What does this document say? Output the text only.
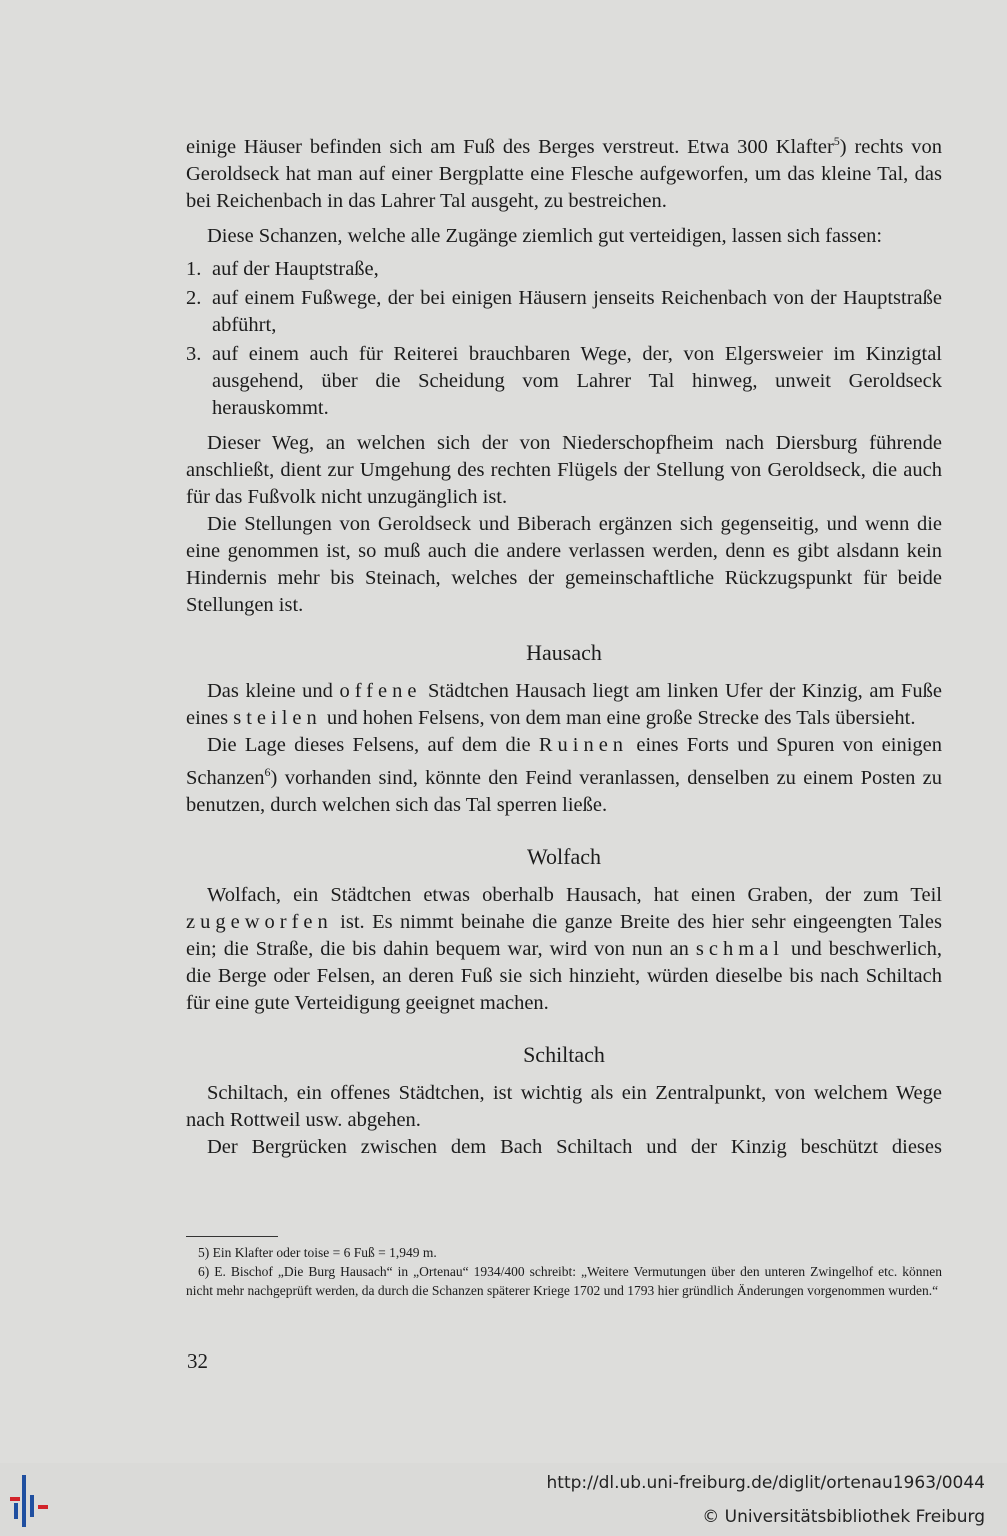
einige Häuser befinden sich am Fuß des Berges verstreut. Etwa 300 Klafter$^5$) rechts von Geroldseck hat man auf einer Bergplatte eine Flesche aufgeworfen, um das kleine Tal, das bei Reichenbach in das Lahrer Tal ausgeht, zu bestreichen.

Diese Schanzen, welche alle Zugänge ziemlich gut verteidigen, lassen sich fassen:

1. auf der Hauptstraße,
2. auf einem Fußwege, der bei einigen Häusern jenseits Reichenbach von der Hauptstraße abführt,
3. auf einem auch für Reiterei brauchbaren Wege, der, von Elgersweier im Kinzigtal ausgehend, über die Scheidung vom Lahrer Tal hinweg, unweit Geroldseck herauskommt.

Dieser Weg, an welchen sich der von Niederschopfheim nach Diersburg führende anschließt, dient zur Umgehung des rechten Flügels der Stellung von Geroldseck, die auch für das Fußvolk nicht unzugänglich ist.

Die Stellungen von Geroldseck und Biberach ergänzen sich gegenseitig, und wenn die eine genommen ist, so muß auch die andere verlassen werden, denn es gibt alsdann kein Hindernis mehr bis Steinach, welches der gemeinschaftliche Rückzugspunkt für beide Stellungen ist.

Hausach

Das kleine und offene Städtchen Hausach liegt am linken Ufer der Kinzig, am Fuße eines steilen und hohen Felsens, von dem man eine große Strecke des Tals übersieht.

Die Lage dieses Felsens, auf dem die Ruinen eines Forts und Spuren von einigen Schanzen$^6$) vorhanden sind, könnte den Feind veranlassen, denselben zu einem Posten zu benutzen, durch welchen sich das Tal sperren ließe.

Wolfach

Wolfach, ein Städtchen etwas oberhalb Hausach, hat einen Graben, der zum Teil zugeworfen ist. Es nimmt beinahe die ganze Breite des hier sehr eingeengten Tales ein; die Straße, die bis dahin bequem war, wird von nun an schmal und beschwerlich, die Berge oder Felsen, an deren Fuß sie sich hinzieht, würden dieselbe bis nach Schiltach für eine gute Verteidigung geeignet machen.

Schiltach

Schiltach, ein offenes Städtchen, ist wichtig als ein Zentralpunkt, von welchem Wege nach Rottweil usw. abgehen.

Der Bergrücken zwischen dem Bach Schiltach und der Kinzig beschützt dieses

5) Ein Klafter oder toise = 6 Fuß = 1,949 m.

6) E. Bischof „Die Burg Hausach“ in „Ortenau“ 1934/400 schreibt: „Weitere Vermutungen über den unteren Zwingelhof etc. können nicht mehr nachgeprüft werden, da durch die Schanzen späterer Kriege 1702 und 1793 hier gründlich Änderungen vorgenommen wurden.“

32
http://dl.ub.uni-freiburg.de/diglit/ortenau1963/0044
© Universitätsbibliothek Freiburg
